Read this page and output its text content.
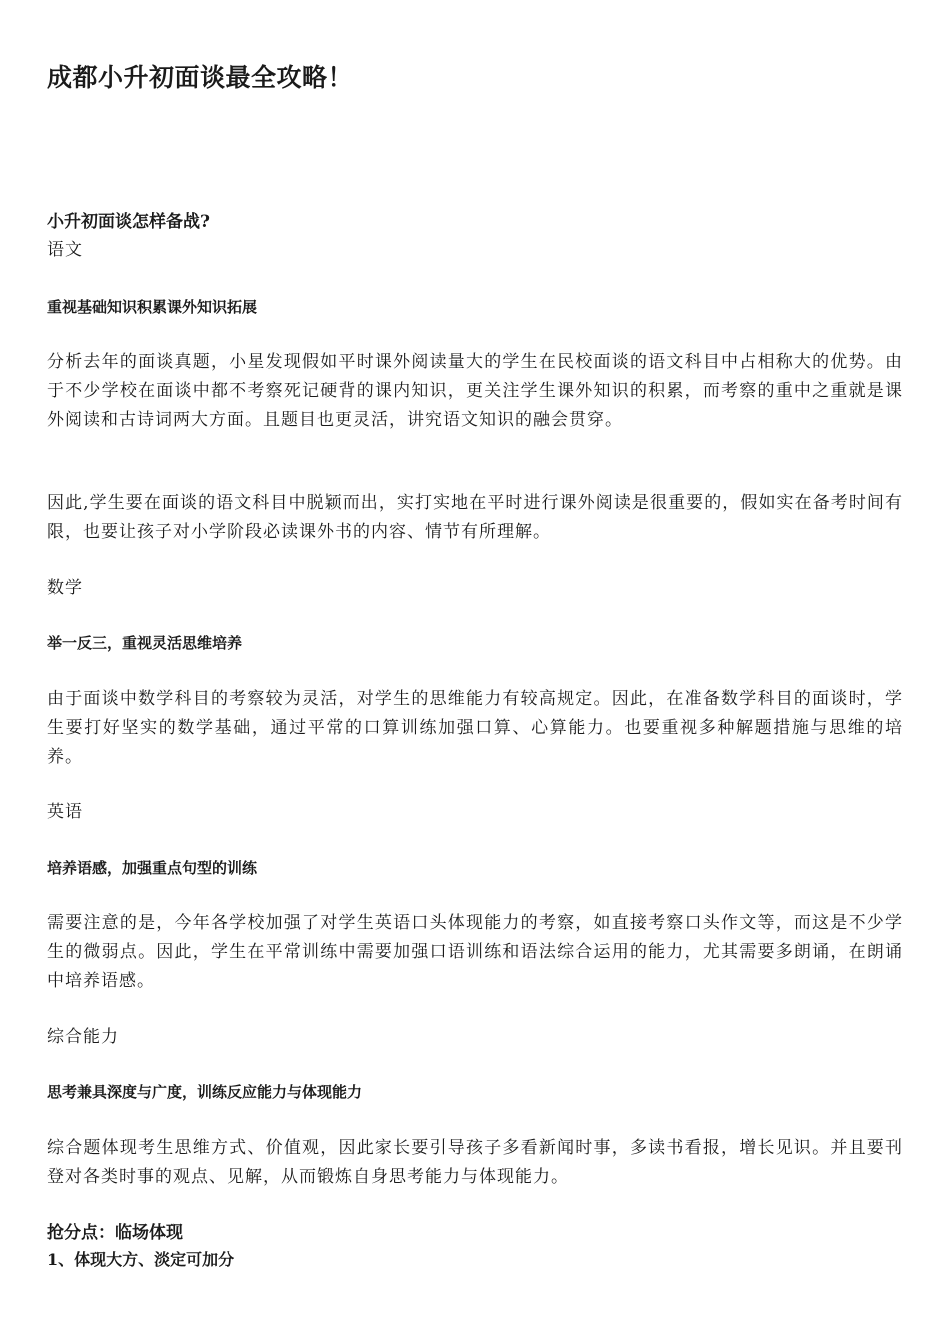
成都小升初面谈最全攻略！

小升初面谈怎样备战?

语文

重视基础知识积累课外知识拓展

分析去年的面谈真题，小星发现假如平时课外阅读量大的学生在民校面谈的语文科目中占相称大的优势。由于不少学校在面谈中都不考察死记硬背的课内知识，更关注学生课外知识的积累，而考察的重中之重就是课外阅读和古诗词两大方面。且题目也更灵活，讲究语文知识的融会贯穿。

因此,学生要在面谈的语文科目中脱颖而出，实打实地在平时进行课外阅读是很重要的，假如实在备考时间有限，也要让孩子对小学阶段必读课外书的内容、情节有所理解。

数学

举一反三，重视灵活思维培养

由于面谈中数学科目的考察较为灵活，对学生的思维能力有较高规定。因此，在准备数学科目的面谈时，学生要打好坚实的数学基础，通过平常的口算训练加强口算、心算能力。也要重视多种解题措施与思维的培养。

英语

培养语感，加强重点句型的训练

需要注意的是，今年各学校加强了对学生英语口头体现能力的考察，如直接考察口头作文等，而这是不少学生的微弱点。因此，学生在平常训练中需要加强口语训练和语法综合运用的能力，尤其需要多朗诵，在朗诵中培养语感。

综合能力

思考兼具深度与广度，训练反应能力与体现能力

综合题体现考生思维方式、价值观，因此家长要引导孩子多看新闻时事，多读书看报，增长见识。并且要刊登对各类时事的观点、见解，从而锻炼自身思考能力与体现能力。

抢分点：临场体现

1、体现大方、淡定可加分
